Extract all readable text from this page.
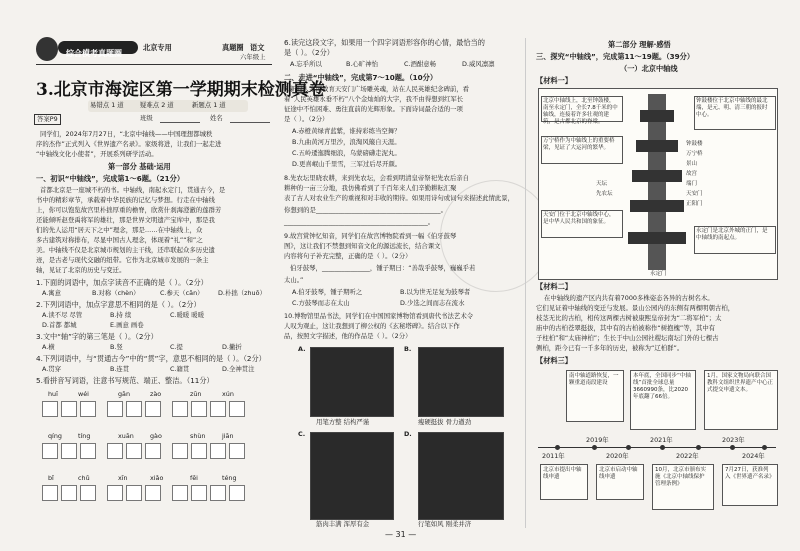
综合模考真题圈
北京专用	真题圈 语文
六年级上
3.北京市海淀区第一学期期末检测真卷
易错点 1 道	疑难点 2 道	新题点 1 道
答案P9	班级	姓名
同学们，2024年7月27日，“北京中轴线——中国理想都城秩
序的杰作”正式列入《世界遗产名录》。家级将进，让我们一起走进
“中轴线文化小使者”，开展系列研学活动。
第一部分 基础·运用
一、初识“中轴线”，完成第1～6题。（21分）
首都北京是一座城不朽的书。中轴线，南起永定门，贯通古今，是
书中的精彩章节，承载着中华民族的记忆与梦想。行走在中轴线
上，你可以饱览故宫里朴拙厚重的檐脊，欣赏什刹海澄澈的莲群芳
还能倾听赵登禹将军的雄壮，那是世界文明遗产宝库中，那是我
们的先人运用“居天下之中”理念，那是……在中轴线上，众
多古建筑对称排布，尽显中国古人理念，体现着“礼”“和”之
美。中轴线不仅是北京城市规划的主干线，还串联起众多历史遗
迹，是古老与现代交融的纽带。它作为北京城市发展的一条主
轴，见证了北京的历史与变迁。
1.下面的词语中，加点字读音不正确的是（ ）。（2分）
A.寓意	B.对称（chèn）	C.参天（cān） D.朴拙（zhuō）
2.下列词语中，加点字意思不相同的是（ ）。（2分）
A.读不尽 尽管	B.持 续	C.暖暖 暖暖
D.首都 都城	E.画意 画卷
3.文中“轴”字的第三笔是（ ）。（2分）
A.横	B.竖	C.提	D.撇折
4.下列词语中，与“贯通古今”中的“贯”字，意思不相同的是（ ）。（2分）
A.贯穿	B.连贯	C.籍贯	D.全神贯注
5.看拼音写词语，注意书写规范、端正、整洁。（11分）
huī	wéi	gān	zào	zūn	xún
qíng	tíng	xuān	gào	shùn	jiān
bǐ	chǔ	xīn	xiǎo	fēi	téng
6.读完这段文字，如果用一个四字词语形容你的心情，最恰当的
是（ ）。（2分）
A.忘乎所以	B.心旷神怡	C.酒酣意畅	D.威风凛凛
二、走进“中轴线”，完成第7～10题。（10分）
7.新时人案国教育天安门广场雕英魂，站在人民英雄纪念碑前，看
着“人民英雄永垂不朽”八个金灿灿的大字，我不由得想到红军长
征途中不怕困难、勇往直前的光辉形象。下面诗词最合适的一项
是（ ）。（2分）
A.赤橙黄绿青蓝紫，谁持彩练当空舞？
B.九曲黄河万里沙，浪淘风簸自天涯。
C.五岭逶迤腾细浪，乌蒙磅礴走泥丸。
D.更喜岷山千里雪，三军过后尽开颜。
8.先农坛里晓农耕，来到先农坛，会看到明清皇帝祭祀先农后亲自
耕种的一亩三分地，我仿佛看到了千百年来人们辛勤耕耘汇聚
表了古人对农业生产的重视和对丰收的期待。如果用诗句或词句来描述此情此景，
你想到的是_______________________________________。
_____________________________________________。
9.故宫赏钟忆知音，同学们在故宫博物院看到一幅《伯牙鼓琴
图》，这让我们不禁想到知音文化的源远流长，结合课文
内容将句子补充完整，正确的是（ ）。（2分）
伯牙鼓琴，_______________，锺子期曰：“善哉乎鼓琴，巍巍乎若
太山。”
A.伯牙鼓琴，锺子期听之	B.以为世无足复为鼓琴者
C.方鼓琴而志在太山	D.少选之间而志在流水
10.博物馆里品书法，同学们在中国国家博物馆看到唐代书法艺术令
人叹为观止，这让我想到了柳公权的《玄秘塔碑》。结合以下作
品，按照文字描述，他的作品是（ ）。（2分）
A.
用笔方整 结构严谨
B.
瘦硬挺拔 骨力遒劲
C.
筋肉丰满 浑厚有金
D.
行笔如风 刚柔并济
第二部分 理解·感悟
三、探究“中轴线”，完成第11～19题。（39分）
（一）北京中轴线
【材料一】
北京中轴线上，北至钟鼓楼，南至永定门，全长7.8千米的中轴线，连接着许多壮观的建筑，是古都北京的脊梁。
钟鼓楼位于北京中轴线的最北端，是元、明、清三朝的报时中心。
万宁桥作为中轴线上的重要桥梁，见证了大运河的繁华。
天安门位于北京中轴线中心，是中华人民共和国的象征。
永定门是北京外城的正门，是中轴线的南起点。
钟鼓楼
万宁桥
景山
故宫
端门
天安门
正阳门
天坛
先农坛
永定门
【材料二】
在中轴线的遗产区内共有着7000多株姿态各异的古树名木。
它们见证着中轴线的变迁与发展。景山公园内的东侧有两棵明朝古柏，
枝茎无比的古柏，相传这两棵古树被康熙皇帝封为“二将军柏”；太
庙中的古柏苍翠挺拔，其中有的古柏被称作“树抱槐”等，其中有
子柱柏”和“太庙神柏”；生长于中山公园社稷坛南坛门外的七棵古
侧柏，距今已有一千多年的历史，被称为“辽柏群”。
【材料三】
南中轴道路恢复，一颗重道南段建设
本年底，全国同步“中轴线”首批全球总量3660990条，比2020年底翻了66倍。
1月，国家文物局向联合国教科文组织世界遗产中心正式提交申遗文本。
2019年	2021年	2023年
2011年	2020年	2022年	2024年
北京市提出中轴线申遗
北京市启动中轴线申遗
10月，北京市颁布实施《北京中轴线保护管理条例》
7月27日，获准列入《世界遗产名录》
— 31 —
